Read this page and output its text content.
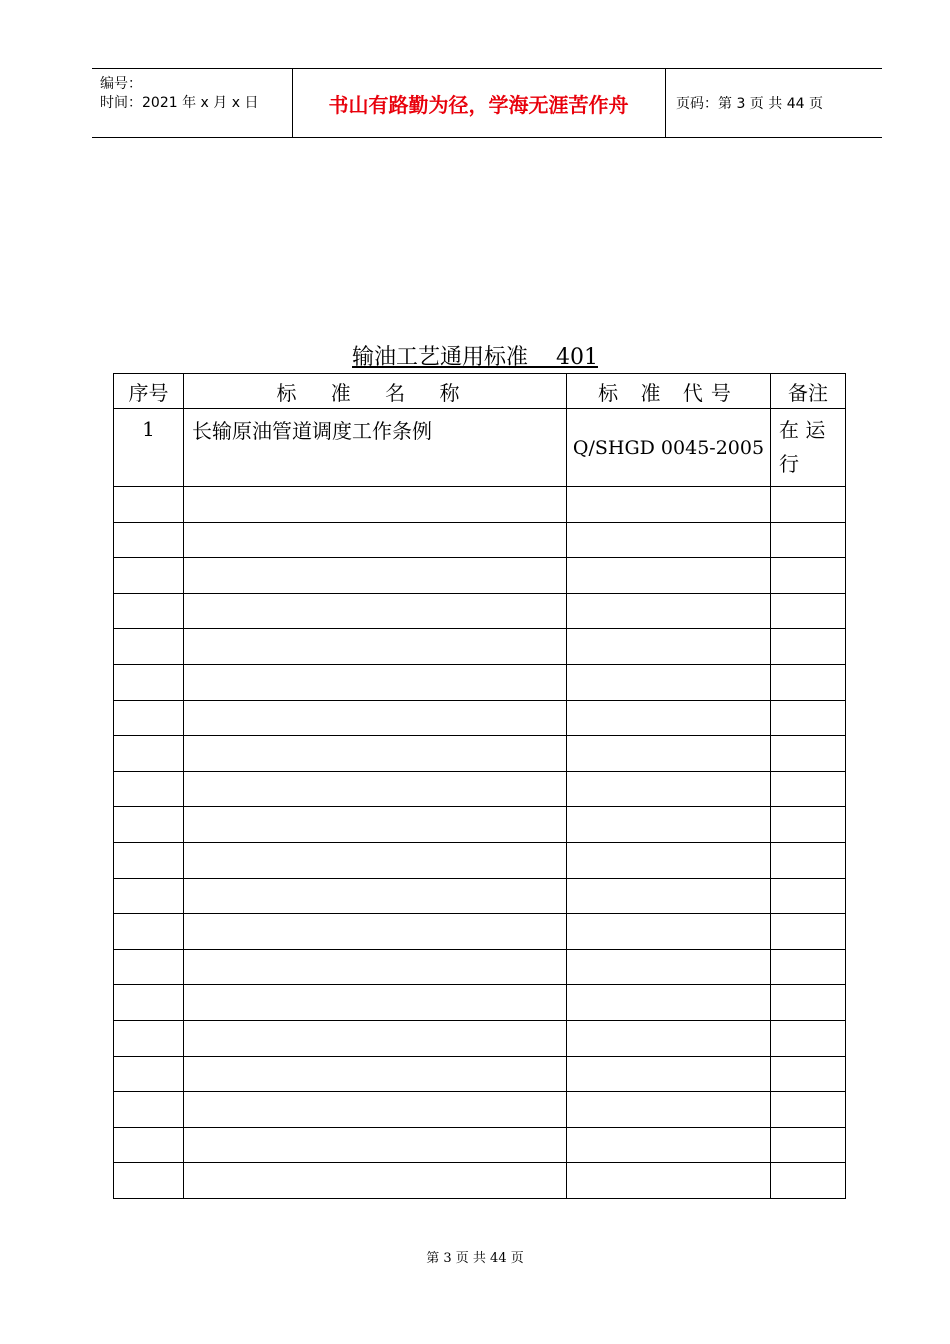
编号：
时间：2021 年 x 月 x 日	书山有路勤为径，学海无涯苦作舟	页码：第 3 页 共 44 页
输油工艺通用标准    401
序号	标 准 名 称	标 准 代号	备注
1	长输原油管道调度工作条例	Q/SHGD 0045-2005	在 运行

第 3 页 共 44 页
